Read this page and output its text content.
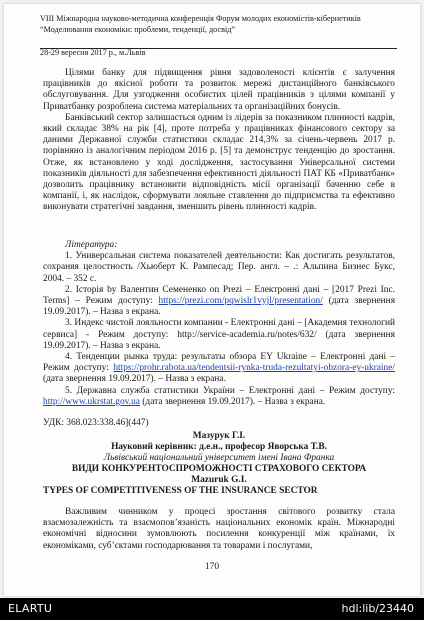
VIII Міжнародна науково-методична конференція Форум молодих економістів-кібернетиків
“Моделювання економіки: проблеми, тенденції, досвід”
28-29 вересня 2017 р., м.Львів

Цілями банку для підвищення рівня задоволеності клієнтів є залучення працівників до якісної роботи та розвиток мережі дистанційного банківського обслуговування. Для узгодження особистих цілей працівників з цілями компанії у Приватбанку розроблена система матеріальних та організаційних бонусів.

Банківський сектор залишається одним із лідерів за показником плинності кадрів, який складає 38% на рік [4], проте потреба у працівниках фінансового сектору за даними Державної служби статистики складає 214,3% за січень-червень 2017 р. порівняно із аналогічним періодом 2016 р. [5] та демонструє тенденцію до зростання. Отже, як встановлено у ході дослідження, застосування Універсальної системи показників діяльності для забезпечення ефективності діяльності ПАТ КБ «Приватбанк» дозволить працівнику встановити відповідність місії організації баченню себе в компанії, і, як наслідок, сформувати лояльне ставлення до підприємства та ефективно виконувати стратегічні завдання, зменшить рівень плинності кадрів.

Література:

1. Универсальная система показателей деятельности: Как достигать результатов, сохраняя целостность /Хьюберт К. Рампесад; Пер. англ. – .: Альпина Бизнес Букс, 2004. – 352 с.

2. Історія by Валентин Семененко on Prezi – Електронні дані – [2017 Prezi Inc. Terms] – Режим доступу: https://prezi.com/pqwislr1vyjl/presentation/ (дата звернення 19.09.2017). – Назва з екрана.

3. Индекс чистой лояльности компании - Електронні дані – [Академия технологий сервиса] - Режим доступу: http://service-academia.ru/notes/632/ (дата звернення 19.09.2017). – Назва з екрана.

4. Тенденции рынка труда: результаты обзора EY Ukraine – Електронні дані – Режим доступу: https://prohr.rabota.ua/tendentsii-rynka-truda-rezultatyi-obzora-ey-ukraine/ (дата звернення 19.09.2017). – Назва з екрана.

5. Державна служба статистики України – Електронні дані – Режим доступу: http://www.ukrstat.gov.ua (дата звернення 19.09.2017). – Назва з екрана.

УДК: 368.023:338.46](447)
Мазурук Г.І.
Науковий керівник: д.е.н., професор Яворська Т.В.
Львівський національний університет імені Івана Франка
ВИДИ КОНКУРЕНТОСПРОМОЖНОСТІ СТРАХОВОГО СЕКТОРА
Mazuruk G.I.
TYPES OF COMPETITIVENESS OF THE INSURANCE SECTOR

Важливим чинником у процесі зростання світового розвитку стала взаємозалежність та взаємопов’язаність національних економік країн. Міжнародні економічні відносини зумовлюють посилення конкуренції між країнами, їх економіками, суб’єктами господарювання та товарами і послугами,

170
ELARTU	hdl:lib/23440
